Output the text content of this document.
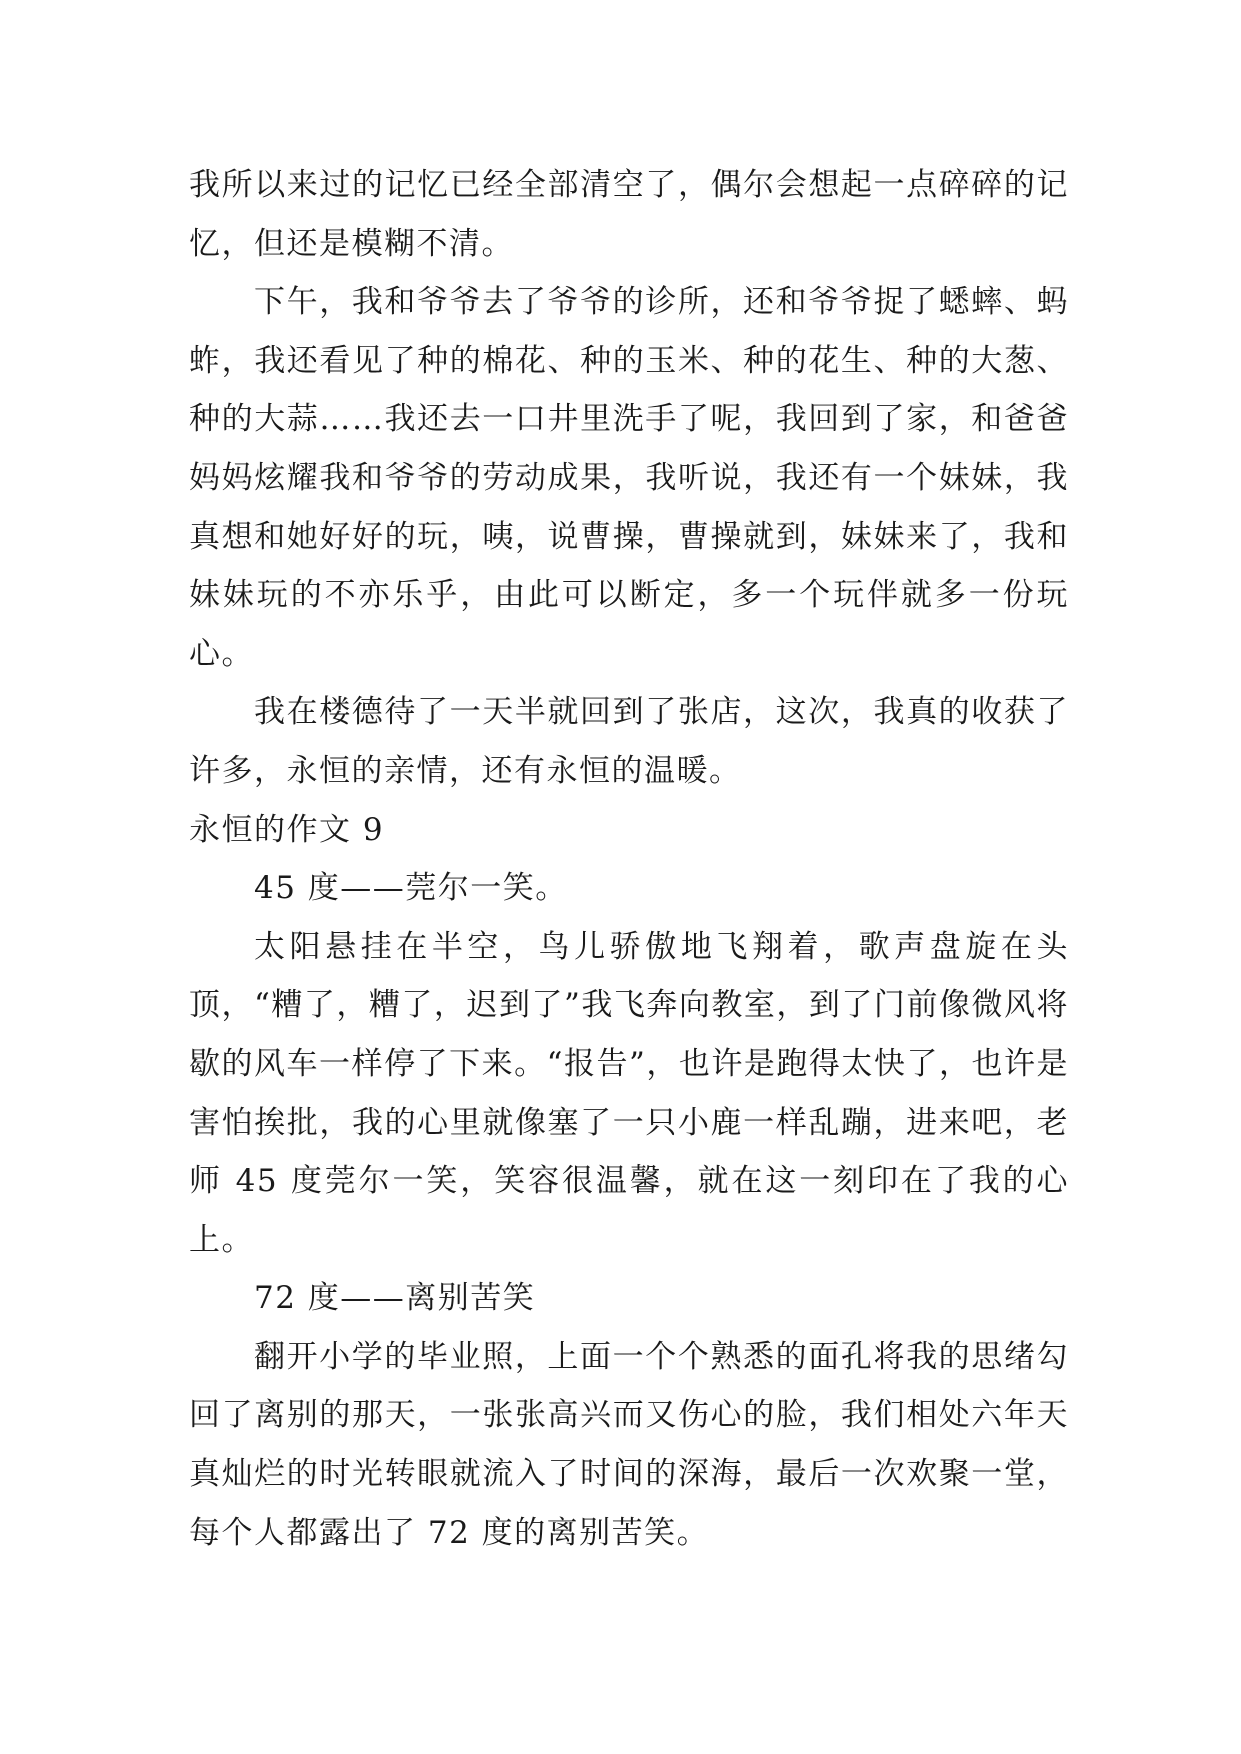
我所以来过的记忆已经全部清空了，偶尔会想起一点碎碎的记忆，但还是模糊不清。

下午，我和爷爷去了爷爷的诊所，还和爷爷捉了蟋蟀、蚂蚱，我还看见了种的棉花、种的玉米、种的花生、种的大葱、种的大蒜……我还去一口井里洗手了呢，我回到了家，和爸爸妈妈炫耀我和爷爷的劳动成果，我听说，我还有一个妹妹，我真想和她好好的玩，咦，说曹操，曹操就到，妹妹来了，我和妹妹玩的不亦乐乎，由此可以断定，多一个玩伴就多一份玩心。

我在楼德待了一天半就回到了张店，这次，我真的收获了许多，永恒的亲情，还有永恒的温暖。

永恒的作文 9

45 度——莞尔一笑。

太阳悬挂在半空，鸟儿骄傲地飞翔着，歌声盘旋在头顶，“糟了，糟了，迟到了”我飞奔向教室，到了门前像微风将歇的风车一样停了下来。“报告”，也许是跑得太快了，也许是害怕挨批，我的心里就像塞了一只小鹿一样乱蹦，进来吧，老师 45 度莞尔一笑，笑容很温馨，就在这一刻印在了我的心上。

72 度——离别苦笑

翻开小学的毕业照，上面一个个熟悉的面孔将我的思绪勾回了离别的那天，一张张高兴而又伤心的脸，我们相处六年天真灿烂的时光转眼就流入了时间的深海，最后一次欢聚一堂，每个人都露出了 72 度的离别苦笑。
